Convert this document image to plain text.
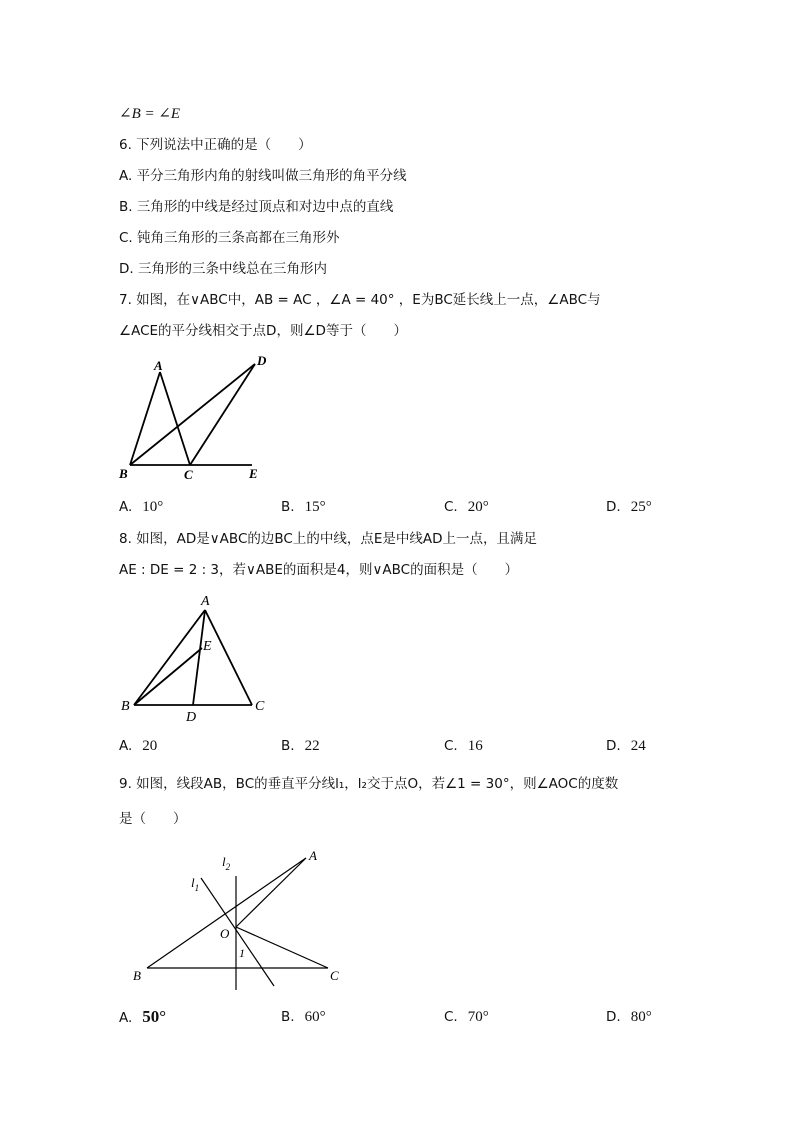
∠B = ∠E
6. 下列说法中正确的是（　　）
A. 平分三角形内角的射线叫做三角形的角平分线
B. 三角形的中线是经过顶点和对边中点的直线
C. 钝角三角形的三条高都在三角形外
D. 三角形的三条中线总在三角形内
7. 如图，在∨ABC中，AB = AC ，∠A = 40° ，E为BC延长线上一点，∠ABC与
∠ACE的平分线相交于点D，则∠D等于（　　）
A	D
B	C	E
A. 10°	B. 15°	C. 20°	D. 25°
8. 如图，AD是∨ABC的边BC上的中线，点E是中线AD上一点，且满足
AE : DE = 2 : 3，若∨ABE的面积是4，则∨ABC的面积是（　　）
A
E
B
D
C
A. 20	B. 22	C. 16	D. 24
9. 如图，线段AB，BC的垂直平分线l₁，l₂交于点O，若∠1 = 30°，则∠AOC的度数
是（　　）
$l_2$
$l_1$
A
O
1
B	C
A. 50°	B. 60°	C. 70°	D. 80°
